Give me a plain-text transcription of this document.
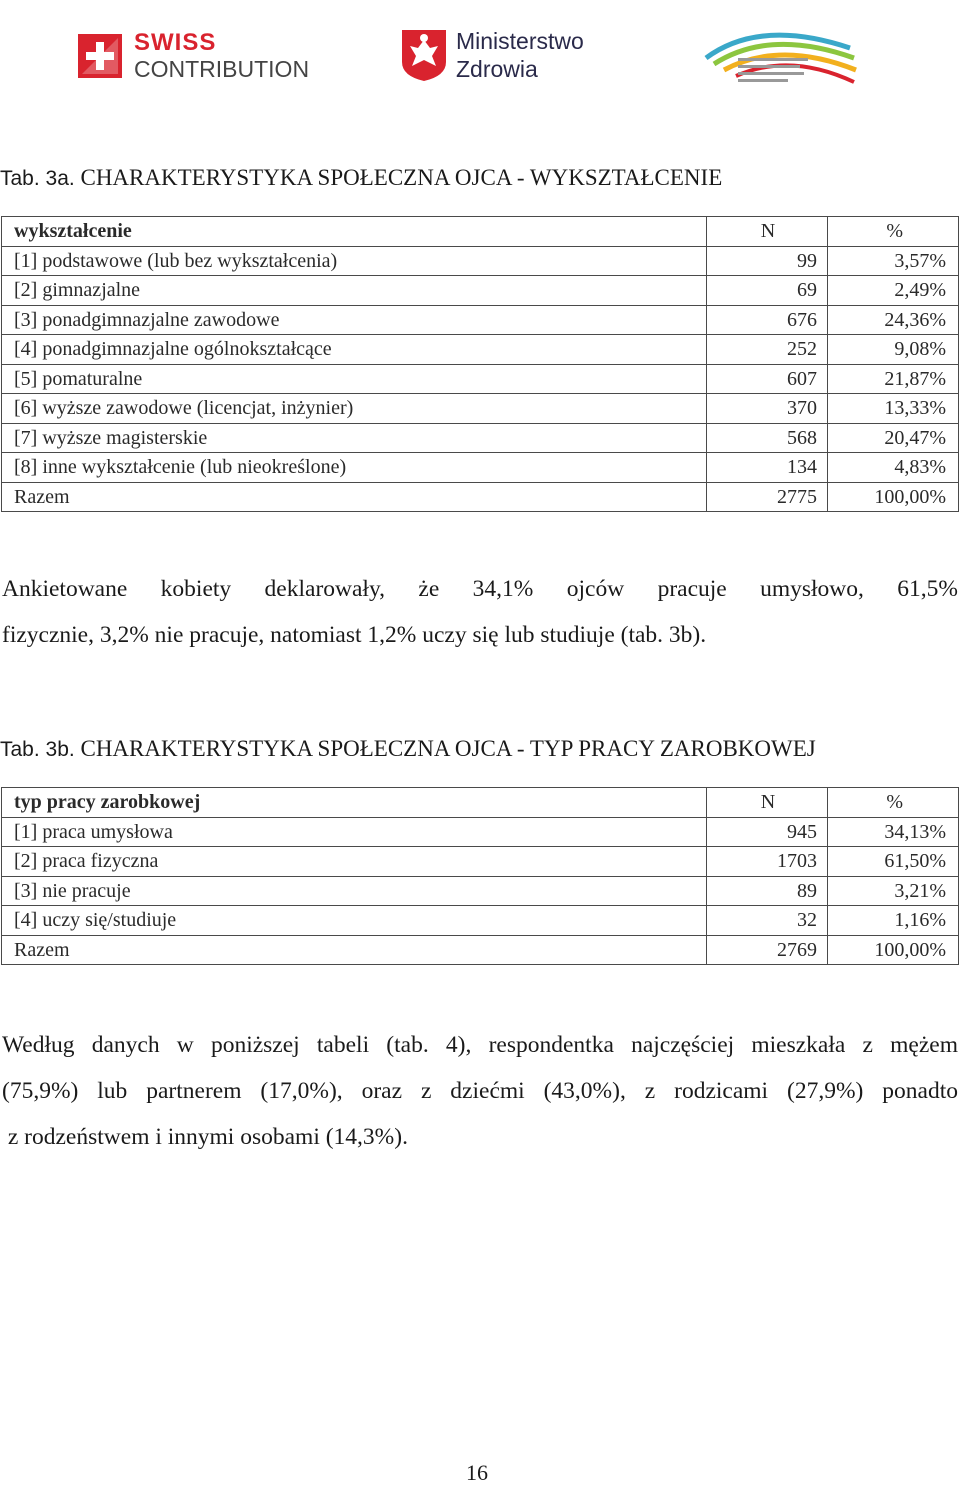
SWISS
CONTRIBUTION
Ministerstwo
Zdrowia
Tab. 3a. CHARAKTERYSTYKA SPOŁECZNA OJCA - WYKSZTAŁCENIE
wykształcenie	N	%
[1] podstawowe (lub bez wykształcenia)	99	3,57%
[2] gimnazjalne	69	2,49%
[3] ponadgimnazjalne zawodowe	676	24,36%
[4] ponadgimnazjalne ogólnokształcące	252	9,08%
[5] pomaturalne	607	21,87%
[6] wyższe zawodowe (licencjat, inżynier)	370	13,33%
[7] wyższe magisterskie	568	20,47%
[8] inne wykształcenie (lub nieokreślone)	134	4,83%
Razem	2775	100,00%
Ankietowane kobiety deklarowały, że 34,1% ojców pracuje umysłowo, 61,5%
fizycznie, 3,2% nie pracuje, natomiast 1,2% uczy się lub studiuje (tab. 3b).
Tab. 3b. CHARAKTERYSTYKA SPOŁECZNA OJCA - TYP PRACY ZAROBKOWEJ
typ pracy zarobkowej	N	%
[1] praca umysłowa	945	34,13%
[2] praca fizyczna	1703	61,50%
[3] nie pracuje	89	3,21%
[4] uczy się/studiuje	32	1,16%
Razem	2769	100,00%
Według danych w poniższej tabeli (tab. 4), respondentka najczęściej mieszkała z mężem
(75,9%) lub partnerem (17,0%), oraz z dziećmi (43,0%), z rodzicami (27,9%) ponadto
z rodzeństwem i innymi osobami (14,3%).
16
